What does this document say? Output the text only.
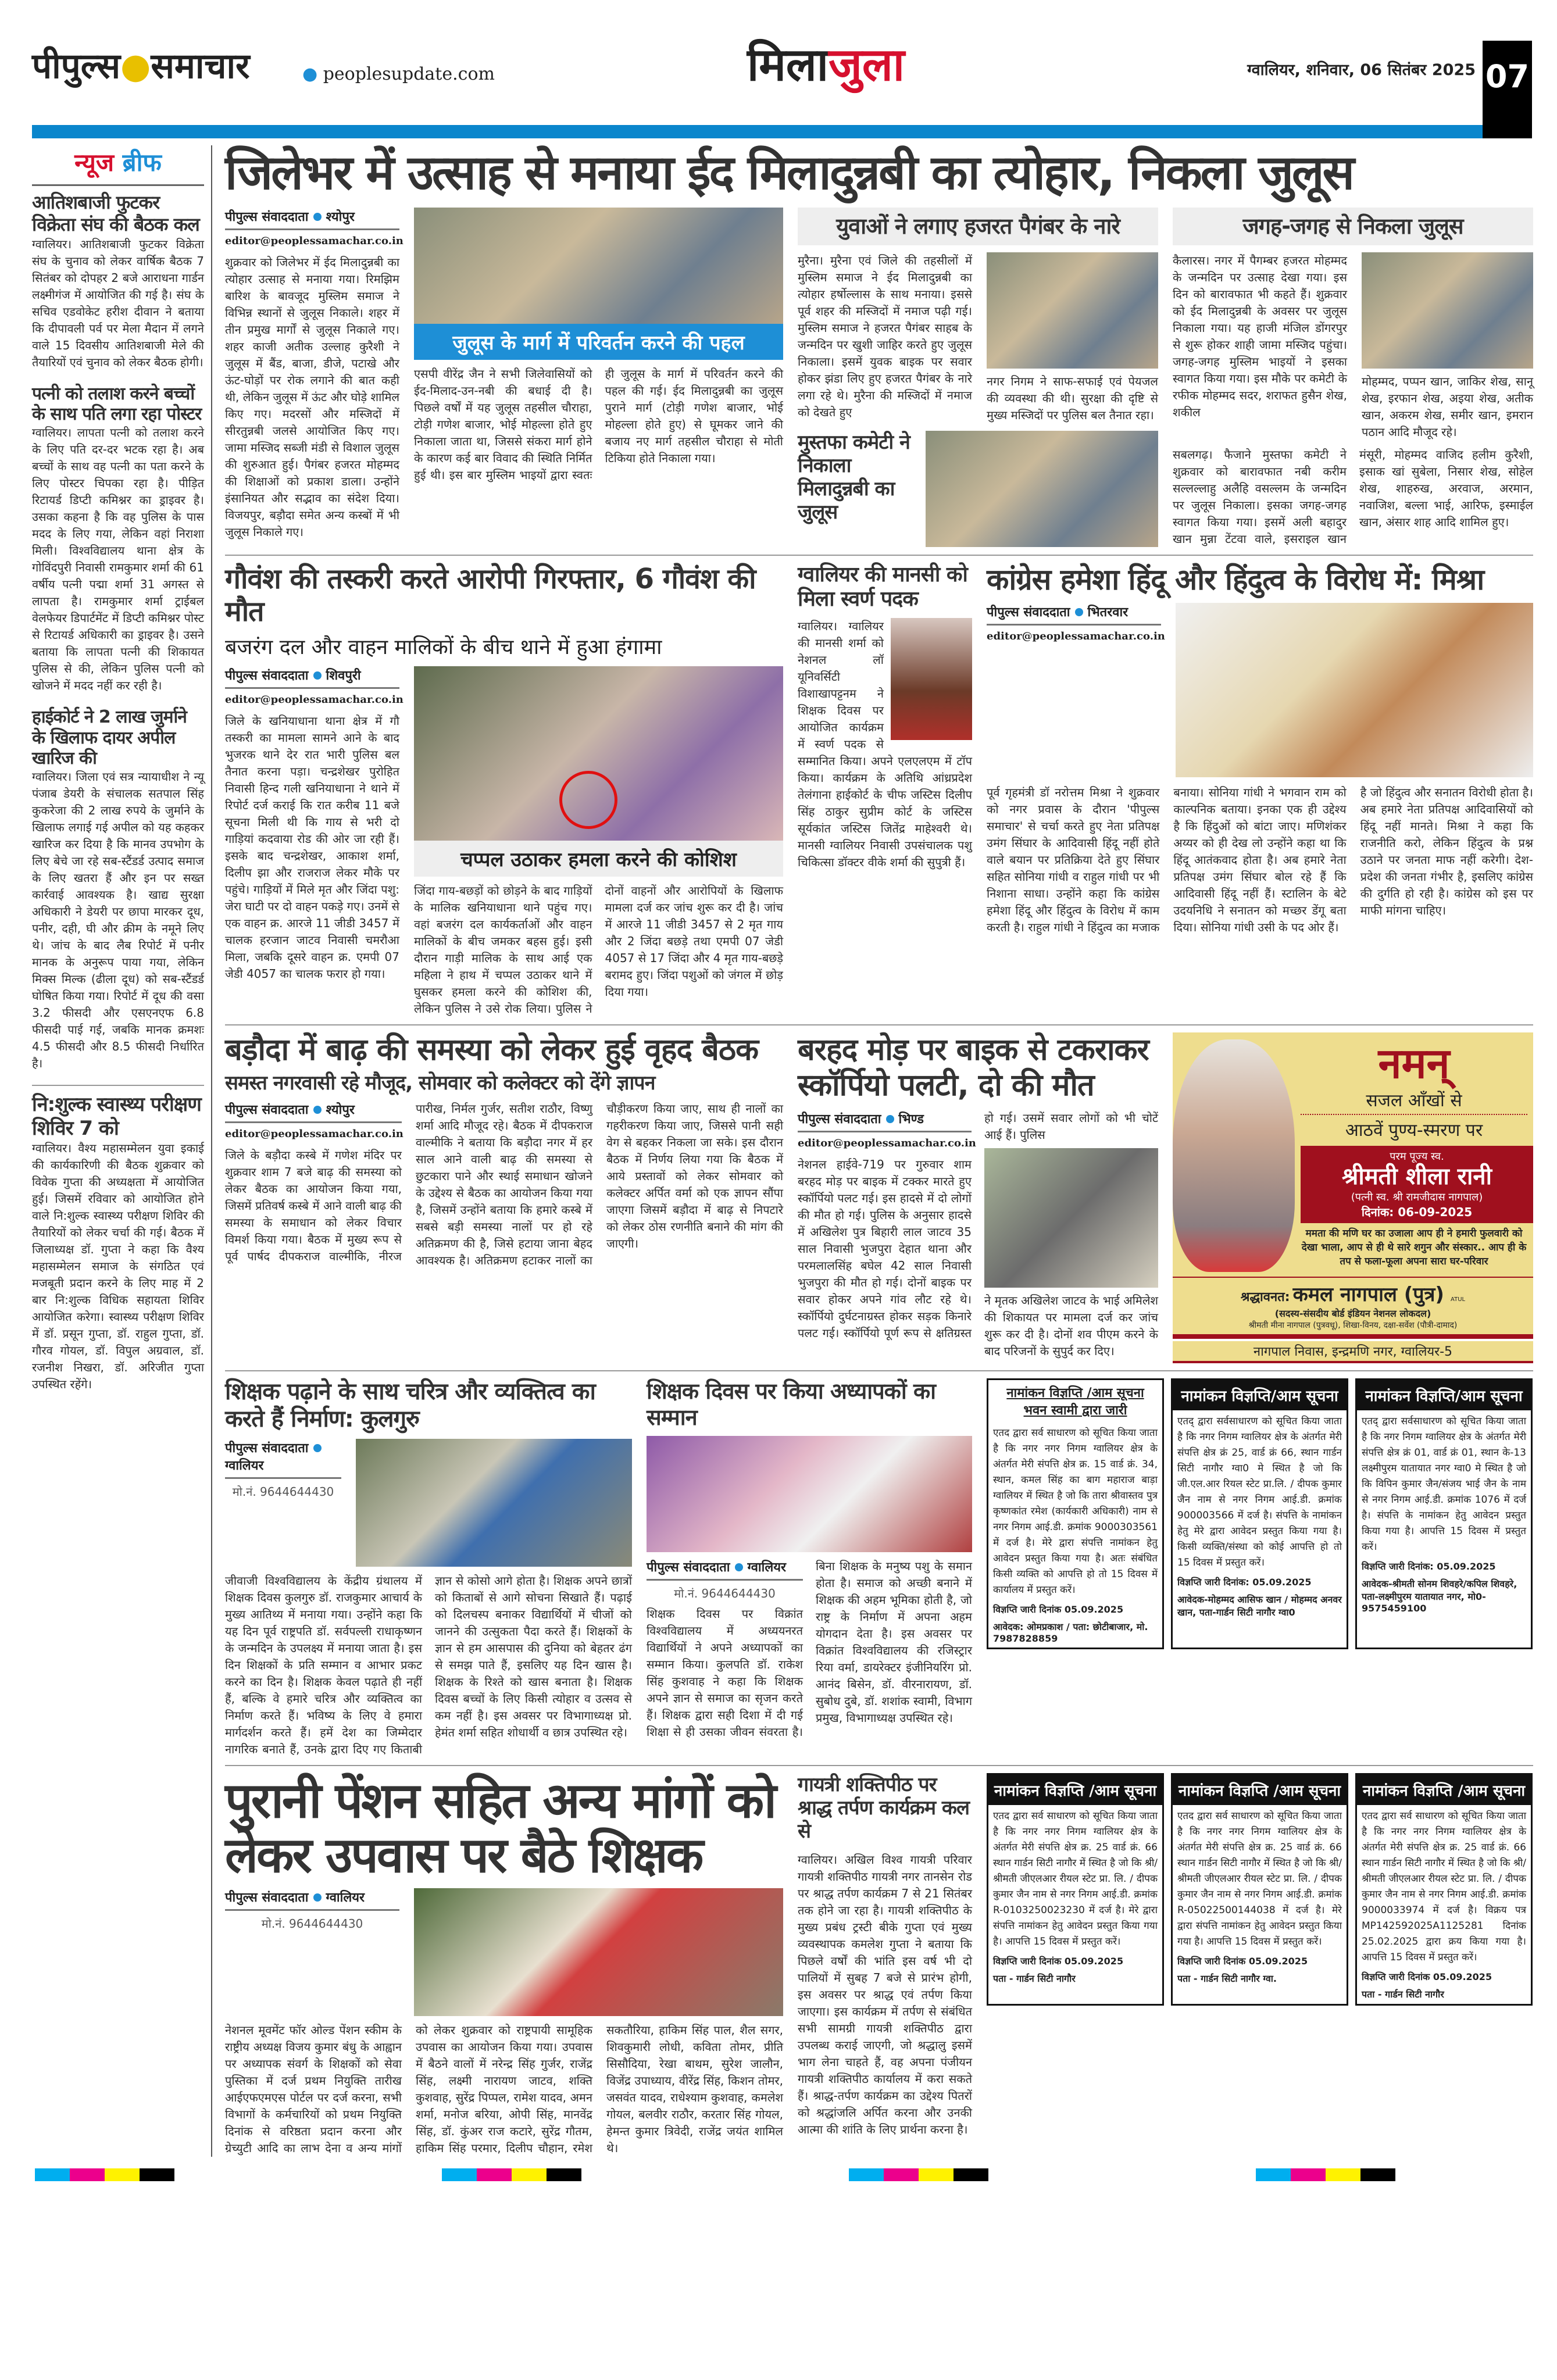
पीपुल्स●समाचार	● peoplesupdate.com	मिलाजुला	ग्वालियर, शनिवार, 06 सितंबर 2025 07
न्यूज ब्रीफ
आतिशबाजी फुटकर विक्रेता संघ की बैठक कल
ग्वालियर। आतिशबाजी फुटकर विक्रेता संघ के चुनाव को लेकर वार्षिक बैठक 7 सितंबर को दोपहर 2 बजे आराधना गार्डन लक्ष्मीगंज में आयोजित की गई है। संघ के सचिव एडवोकेट हरीश दीवान ने बताया कि दीपावली पर्व पर मेला मैदान में लगने वाले 15 दिवसीय आतिशबाजी मेले की तैयारियों एवं चुनाव को लेकर बैठक होगी।
पत्नी को तलाश करने बच्चों के साथ पति लगा रहा पोस्टर
ग्वालियर। लापता पत्नी को तलाश करने के लिए पति दर-दर भटक रहा है। अब बच्चों के साथ वह पत्नी का पता करने के लिए पोस्टर चिपका रहा है। पीड़ित रिटायर्ड डिप्टी कमिश्नर का ड्राइवर है। उसका कहना है कि वह पुलिस के पास मदद के लिए गया, लेकिन वहां निराशा मिली। विश्वविद्यालय थाना क्षेत्र के गोविंदपुरी निवासी रामकुमार शर्मा की 61 वर्षीय पत्नी पद्मा शर्मा 31 अगस्त से लापता है। रामकुमार शर्मा ट्राईबल वेलफेयर डिपार्टमेंट में डिप्टी कमिश्नर पोस्ट से रिटायर्ड अधिकारी का ड्राइवर है। उसने बताया कि लापता पत्नी की शिकायत पुलिस से की, लेकिन पुलिस पत्नी को खोजने में मदद नहीं कर रही है।
हाईकोर्ट ने 2 लाख जुर्माने के खिलाफ दायर अपील खारिज की
ग्वालियर। जिला एवं सत्र न्यायाधीश ने न्यू पंजाब डेयरी के संचालक सतपाल सिंह कुकरेजा की 2 लाख रुपये के जुर्माने के खिलाफ लगाई गई अपील को यह कहकर खारिज कर दिया है कि मानव उपभोग के लिए बेचे जा रहे सब-स्टैंडर्ड उत्पाद समाज के लिए खतरा हैं और इन पर सख्त कार्रवाई आवश्यक है। खाद्य सुरक्षा अधिकारी ने डेयरी पर छापा मारकर दूध, पनीर, दही, घी और क्रीम के नमूने लिए थे। जांच के बाद लैब रिपोर्ट में पनीर मानक के अनुरूप पाया गया, लेकिन मिक्स मिल्क (ढीला दूध) को सब-स्टैंडर्ड घोषित किया गया। रिपोर्ट में दूध की वसा 3.2 फीसदी और एसएनएफ 6.8 फीसदी पाई गई, जबकि मानक क्रमशः 4.5 फीसदी और 8.5 फीसदी निर्धारित है।
नि:शुल्क स्वास्थ्य परीक्षण शिविर 7 को
ग्वालियर। वैश्य महासम्मेलन युवा इकाई की कार्यकारिणी की बैठक शुक्रवार को विवेक गुप्ता की अध्यक्षता में आयोजित हुई। जिसमें रविवार को आयोजित होने वाले नि:शुल्क स्वास्थ्य परीक्षण शिविर की तैयारियों को लेकर चर्चा की गई। बैठक में जिलाध्यक्ष डॉ. गुप्ता ने कहा कि वैश्य महासम्मेलन समाज के संगठित एवं मजबूती प्रदान करने के लिए माह में 2 बार नि:शुल्क विधिक सहायता शिविर आयोजित करेगा। स्वास्थ्य परीक्षण शिविर में डॉ. प्रसून गुप्ता, डॉ. राहुल गुप्ता, डॉ. गौरव गोयल, डॉ. विपुल अग्रवाल, डॉ. रजनीश निखरा, डॉ. अरिजीत गुप्ता उपस्थित रहेंगे।
जिलेभर में उत्साह से मनाया ईद मिलादुन्नबी का त्योहार, निकला जुलूस
पीपुल्स संवाददाता श्योपुर
editor@peoplessamachar.co.in
शुक्रवार को जिलेभर में ईद मिलादुन्नबी का त्योहार उत्साह से मनाया गया। रिमझिम बारिश के बावजूद मुस्लिम समाज ने विभिन्न स्थानों से जुलूस निकाले। शहर में तीन प्रमुख मार्गों से जुलूस निकाले गए। शहर काजी अतीक उल्लाह कुरैशी ने जुलूस में बैंड, बाजा, डीजे, पटाखे और ऊंट-घोड़ों पर रोक लगाने की बात कही थी, लेकिन जुलूस में ऊंट और घोड़े शामिल किए गए। मदरसों और मस्जिदों में सीरतुन्नबी जलसे आयोजित किए गए। जामा मस्जिद सब्जी मंडी से विशाल जुलूस की शुरुआत हुई। पैगंबर हजरत मोहम्मद की शिक्षाओं को प्रकाश डाला। उन्होंने इंसानियत और सद्भाव का संदेश दिया। विजयपुर, बड़ौदा समेत अन्य कस्बों में भी जुलूस निकाले गए।
जुलूस के मार्ग में परिवर्तन करने की पहल
एसपी वीरेंद्र जैन ने सभी जिलेवासियों को ईद-मिलाद-उन-नबी की बधाई दी है। पिछले वर्षों में यह जुलूस तहसील चौराहा, टोड़ी गणेश बाजार, भोई मोहल्ला होते हुए निकाला जाता था, जिससे संकरा मार्ग होने के कारण कई बार विवाद की स्थिति निर्मित हुई थी। इस बार मुस्लिम भाइयों द्वारा स्वतः ही जुलूस के मार्ग में परिवर्तन करने की पहल की गई। ईद मिलादुन्नबी का जुलूस पुराने मार्ग (टोड़ी गणेश बाजार, भोई मोहल्ला होते हुए) से घूमकर जाने की बजाय नए मार्ग तहसील चौराहा से मोती टिकिया होते निकाला गया।
युवाओं ने लगाए हजरत पैगंबर के नारे
मुरैना। मुरैना एवं जिले की तहसीलों में मुस्लिम समाज ने ईद मिलादुन्नबी का त्योहार हर्षोल्लास के साथ मनाया। इससे पूर्व शहर की मस्जिदों में नमाज पढ़ी गई। मुस्लिम समाज ने हजरत पैगंबर साहब के जन्मदिन पर खुशी जाहिर करते हुए जुलूस निकाला। इसमें युवक बाइक पर सवार होकर झंडा लिए हुए हजरत पैगंबर के नारे लगा रहे थे। मुरैना की मस्जिदों में नमाज को देखते हुए
नगर निगम ने साफ-सफाई एवं पेयजल की व्यवस्था की थी। सुरक्षा की दृष्टि से मुख्य मस्जिदों पर पुलिस बल तैनात रहा।
मुस्तफा कमेटी ने निकाला मिलादुन्नबी का जुलूस
जगह-जगह से निकला जुलूस
कैलारस। नगर में पैगम्बर हजरत मोहम्मद के जन्मदिन पर उत्साह देखा गया। इस दिन को बारावफात भी कहते हैं। शुक्रवार को ईद मिलादुन्नबी के अवसर पर जुलूस निकाला गया। यह हाजी मंजिल डोंगरपुर से शुरू होकर शाही जामा मस्जिद पहुंचा। जगह-जगह मुस्लिम भाइयों ने इसका स्वागत किया गया। इस मौके पर कमेटी के रफीक मोहम्मद सदर, शराफत हुसैन शेख, शकील
मोहम्मद, पप्पन खान, जाकिर शेख, सानू शेख, इरफान शेख, अइया शेख, अतीक खान, अकरम शेख, समीर खान, इमरान पठान आदि मौजूद रहे।
सबलगढ़। फैजाने मुस्तफा कमेटी ने शुक्रवार को बारावफात नबी करीम सल्लल्लाहु अलैहि वसल्लम के जन्मदिन पर जुलूस निकाला। इसका जगह-जगह स्वागत किया गया। इसमें अली बहादुर खान मुन्ना टेंटवा वाले, इसराइल खान मंसूरी, मोहम्मद वाजिद हलीम कुरैशी, इसाक खां सुबेला, निसार शेख, सोहेल शेख, शाहरुख, अरवाज, अरमान, नवाजिश, बल्ला भाई, आरिफ, इस्माईल खान, अंसार शाह आदि शामिल हुए।
गौवंश की तस्करी करते आरोपी गिरफ्तार, 6 गौवंश की मौत
बजरंग दल और वाहन मालिकों के बीच थाने में हुआ हंगामा
पीपुल्स संवाददाता शिवपुरी
editor@peoplessamachar.co.in
जिले के खनियाधाना थाना क्षेत्र में गौ तस्करी का मामला सामने आने के बाद भुजरक थाने देर रात भारी पुलिस बल तैनात करना पड़ा। चन्द्रशेखर पुरोहित निवासी हिन्द गली खनियाधाना ने थाने में रिपोर्ट दर्ज कराई कि रात करीब 11 बजे सूचना मिली थी कि गाय से भरी दो गाड़ियां कदवाया रोड की ओर जा रही हैं। इसके बाद चन्द्रशेखर, आकाश शर्मा, दिलीप झा और राजराज लेकर मौके पर पहुंचे। गाड़ियों में मिले मृत और जिंदा पशु: जेरा घाटी पर दो वाहन पकड़े गए। उनमें से एक वाहन क्र. आरजे 11 जीडी 3457 में चालक हरजान जाटव निवासी चमरौआ मिला, जबकि दूसरे वाहन क्र. एमपी 07 जेडी 4057 का चालक फरार हो गया।
चप्पल उठाकर हमला करने की कोशिश
जिंदा गाय-बछड़ों को छोड़ने के बाद गाड़ियों के मालिक खनियाधाना थाने पहुंच गए। वहां बजरंग दल कार्यकर्ताओं और वाहन मालिकों के बीच जमकर बहस हुई। इसी दौरान गाड़ी मालिक के साथ आई एक महिला ने हाथ में चप्पल उठाकर थाने में घुसकर हमला करने की कोशिश की, लेकिन पुलिस ने उसे रोक लिया। पुलिस ने दोनों वाहनों और आरोपियों के खिलाफ मामला दर्ज कर जांच शुरू कर दी है। जांच में आरजे 11 जीडी 3457 से 2 मृत गाय और 2 जिंदा बछड़े तथा एमपी 07 जेडी 4057 से 17 जिंदा और 4 मृत गाय-बछड़े बरामद हुए। जिंदा पशुओं को जंगल में छोड़ दिया गया।
ग्वालियर की मानसी को मिला स्वर्ण पदक
ग्वालियर। ग्वालियर की मानसी शर्मा को नेशनल लॉ यूनिवर्सिटी विशाखापट्टनम ने शिक्षक दिवस पर आयोजित कार्यक्रम में स्वर्ण पदक से सम्मानित किया। अपने एलएलएम में टॉप किया। कार्यक्रम के अतिथि आंध्रप्रदेश तेलंगाना हाईकोर्ट के चीफ जस्टिस दिलीप सिंह ठाकुर सुप्रीम कोर्ट के जस्टिस सूर्यकांत जस्टिस जितेंद्र माहेश्वरी थे। मानसी ग्वालियर निवासी उपसंचालक पशु चिकित्सा डॉक्टर वीके शर्मा की सुपुत्री हैं।
कांग्रेस हमेशा हिंदू और हिंदुत्व के विरोध में: मिश्रा
पीपुल्स संवाददाता भितरवार
editor@peoplessamachar.co.in
पूर्व गृहमंत्री डॉ नरोत्तम मिश्रा ने शुक्रवार को नगर प्रवास के दौरान 'पीपुल्स समाचार' से चर्चा करते हुए नेता प्रतिपक्ष उमंग सिंघार के आदिवासी हिंदू नहीं होते वाले बयान पर प्रतिक्रिया देते हुए सिंघार सहित सोनिया गांधी व राहुल गांधी पर भी निशाना साधा। उन्होंने कहा कि कांग्रेस हमेशा हिंदू और हिंदुत्व के विरोध में काम करती है। राहुल गांधी ने हिंदुत्व का मजाक बनाया। सोनिया गांधी ने भगवान राम को काल्पनिक बताया। इनका एक ही उद्देश्य है कि हिंदुओं को बांटा जाए। मणिशंकर अय्यर को ही देख लो उन्होंने कहा था कि हिंदू आतंकवाद होता है। अब हमारे नेता प्रतिपक्ष उमंग सिंघार बोल रहे हैं कि आदिवासी हिंदू नहीं हैं। स्टालिन के बेटे उदयनिधि ने सनातन को मच्छर डेंगू बता दिया। सोनिया गांधी उसी के पद ओर हैं।
है जो हिंदुत्व और सनातन विरोधी होता है। अब हमारे नेता प्रतिपक्ष आदिवासियों को हिंदू नहीं मानते। मिश्रा ने कहा कि राजनीति करो, लेकिन हिंदुत्व के प्रश्न उठाने पर जनता माफ नहीं करेगी। देश-प्रदेश की जनता गंभीर है, इसलिए कांग्रेस की दुर्गति हो रही है। कांग्रेस को इस पर माफी मांगना चाहिए।
बड़ौदा में बाढ़ की समस्या को लेकर हुई वृहद बैठक
समस्त नगरवासी रहे मौजूद, सोमवार को कलेक्टर को देंगे ज्ञापन
पीपुल्स संवाददाता श्योपुर
editor@peoplessamachar.co.in
जिले के बड़ौदा कस्बे में गणेश मंदिर पर शुक्रवार शाम 7 बजे बाढ़ की समस्या को लेकर बैठक का आयोजन किया गया, जिसमें प्रतिवर्ष कस्बे में आने वाली बाढ़ की समस्या के समाधान को लेकर विचार विमर्श किया गया। बैठक में मुख्य रूप से पूर्व पार्षद दीपकराज वाल्मीकि, नीरज पारीख, निर्मल गुर्जर, सतीश राठौर, विष्णु शर्मा आदि मौजूद रहे। बैठक में दीपकराज वाल्मीकि ने बताया कि बड़ौदा नगर में हर साल आने वाली बाढ़ की समस्या से छुटकारा पाने और स्थाई समाधान खोजने के उद्देश्य से बैठक का आयोजन किया गया है, जिसमें उन्होंने बताया कि हमारे कस्बे में सबसे बड़ी समस्या नालों पर हो रहे अतिक्रमण की है, जिसे हटाया जाना बेहद आवश्यक है। अतिक्रमण हटाकर नालों का चौड़ीकरण किया जाए, साथ ही नालों का गहरीकरण किया जाए, जिससे पानी सही वेग से बहकर निकला जा सके। इस दौरान बैठक में निर्णय लिया गया कि बैठक में आये प्रस्तावों को लेकर सोमवार को कलेक्टर अर्पित वर्मा को एक ज्ञापन सौंपा जाएगा जिसमें बड़ौदा में बाढ़ से निपटारे को लेकर ठोस रणनीति बनाने की मांग की जाएगी।
बरहद मोड़ पर बाइक से टकराकर स्कॉर्पियो पलटी, दो की मौत
पीपुल्स संवाददाता भिण्ड
editor@peoplessamachar.co.in
नेशनल हाईवे-719 पर गुरुवार शाम बरहद मोड़ पर बाइक में टक्कर मारते हुए स्कॉर्पियो पलट गई। इस हादसे में दो लोगों की मौत हो गई। पुलिस के अनुसार हादसे में अखिलेश पुत्र बिहारी लाल जाटव 35 साल निवासी भुजपुरा देहात थाना और परमलालसिंह बघेल 42 साल निवासी भुजपुरा की मौत हो गई। दोनों बाइक पर सवार होकर अपने गांव लौट रहे थे। स्कॉर्पियो दुर्घटनाग्रस्त होकर सड़क किनारे पलट गई। स्कॉर्पियो पूर्ण रूप से क्षतिग्रस्त हो गई। उसमें सवार लोगों को भी चोटें आई हैं। पुलिस
ने मृतक अखिलेश जाटव के भाई अमिलेश की शिकायत पर मामला दर्ज कर जांच शुरू कर दी है। दोनों शव पीएम करने के बाद परिजनों के सुपुर्द कर दिए।
नमन्
सजल आँखों से
आठवें पुण्य-स्मरण पर
परम पूज्य स्व.
श्रीमती शीला रानी
(पत्नी स्व. श्री रामजीदास नागपाल)
दिनांक: 06-09-2025
ममता की मणि घर का उजाला आप ही ने हमारी फुलवारी को देखा भाला, आप से ही थे सारे शगुन और संस्कार.. आप ही के तप से फला-फूला अपना सारा घर-परिवार
श्रद्धावनत: कमल नागपाल (पुत्र) ATUL
(सदस्य-संसदीय बोर्ड इंडियन नेशनल लोकदल)
श्रीमती मीना नागपाल (पुत्रवधू), शिखा-विनय, दक्षा-सर्वेश (पौत्री-दामाद)
नागपाल निवास, इन्द्रमणि नगर, ग्वालियर-5
शिक्षक पढ़ाने के साथ चरित्र और व्यक्तित्व का करते हैं निर्माण: कुलगुरु
पीपुल्स संवाददाताग्वालियर
मो.नं. 9644644430
जीवाजी विश्वविद्यालय के केंद्रीय ग्रंथालय में शिक्षक दिवस कुलगुरु डॉ. राजकुमार आचार्य के मुख्य आतिथ्य में मनाया गया। उन्होंने कहा कि यह दिन पूर्व राष्ट्रपति डॉ. सर्वपल्ली राधाकृष्णन के जन्मदिन के उपलक्ष्य में मनाया जाता है। इस दिन शिक्षकों के प्रति सम्मान व आभार प्रकट करने का दिन है। शिक्षक केवल पढ़ाते ही नहीं हैं, बल्कि वे हमारे चरित्र और व्यक्तित्व का निर्माण करते हैं। भविष्य के लिए वे हमारा मार्गदर्शन करते हैं। हमें देश का जिम्मेदार नागरिक बनाते हैं, उनके द्वारा दिए गए किताबी ज्ञान से कोसो आगे होता है। शिक्षक अपने छात्रों को किताबों से आगे सोचना सिखाते हैं। पढ़ाई को दिलचस्प बनाकर विद्यार्थियों में चीजों को जानने की उत्सुकता पैदा करते हैं। शिक्षकों के ज्ञान से हम आसपास की दुनिया को बेहतर ढंग से समझ पाते हैं, इसलिए यह दिन खास है। शिक्षक के रिश्ते को खास बनाता है। शिक्षक दिवस बच्चों के लिए किसी त्योहार व उत्सव से कम नहीं है। इस अवसर पर विभागाध्यक्ष प्रो. हेमंत शर्मा सहित शोधार्थी व छात्र उपस्थित रहे।
शिक्षक दिवस पर किया अध्यापकों का सम्मान
पीपुल्स संवाददाता ग्वालियर
मो.नं. 9644644430
शिक्षक दिवस पर विक्रांत विश्वविद्यालय में अध्ययनरत विद्यार्थियों ने अपने अध्यापकों का सम्मान किया। कुलपति डॉ. राकेश सिंह कुशवाह ने कहा कि शिक्षक अपने ज्ञान से समाज का सृजन करते हैं। शिक्षक द्वारा सही दिशा में दी गई शिक्षा से ही उसका जीवन संवरता है। बिना शिक्षक के मनुष्य पशु के समान होता है। समाज को अच्छी बनाने में शिक्षक की अहम भूमिका होती है, जो राष्ट्र के निर्माण में अपना अहम योगदान देता है। इस अवसर पर विक्रांत विश्वविद्यालय की रजिस्ट्रार रिया वर्मा, डायरेक्टर इंजीनियरिंग प्रो. आनंद बिसेन, डॉ. वीरनारायण, डॉ. सुबोध दुबे, डॉ. शशांक स्वामी, विभाग प्रमुख, विभागाध्यक्ष उपस्थित रहे।
नामांकन विज्ञप्ति /आम सूचना
भवन स्वामी द्वारा जारी
एतद द्वारा सर्व साधारण को सूचित किया जाता है कि नगर नगर निगम ग्वालियर क्षेत्र के अंतर्गत मेरी संपत्ति क्षेत्र क्र. 15 वार्ड क्रं. 34, स्थान, कमल सिंह का बाग महाराज बाड़ा ग्वालियर में स्थित है जो कि तारा श्रीवास्तव पुत्र कृष्णकांत रमेश (कार्यकारी अधिकारी) नाम से नगर निगम आई.डी. क्रमांक 9000303561 में दर्ज है। मेरे द्वारा संपत्ति नामांकन हेतु आवेदन प्रस्तुत किया गया है। अतः संबंधित किसी व्यक्ति को आपत्ति हो तो 15 दिवस में कार्यालय में प्रस्तुत करें।
विज्ञप्ति जारी दिनांक 05.09.2025
आवेदक: ओमप्रकाश / पता: छोटीबाजार, मो. 7987828859
नामांकन विज्ञप्ति/आम सूचना
एतद् द्वारा सर्वसाधारण को सूचित किया जाता है कि नगर निगम ग्वालियर क्षेत्र के अंतर्गत मेरी संपत्ति क्षेत्र क्रं 25, वार्ड क्रं 66, स्थान गार्डन सिटी नागौर ग्वा0 मे स्थित है जो कि जी.एल.आर रियल स्टेट प्रा.लि. / दीपक कुमार जैन नाम से नगर निगम आई.डी. क्रमांक 900003566 में दर्ज है। संपत्ति के नामांकन हेतु मेरे द्वारा आवेदन प्रस्तुत किया गया है। किसी व्यक्ति/संस्था को कोई आपत्ति हो तो 15 दिवस में प्रस्तुत करें।
विज्ञप्ति जारी दिनांक: 05.09.2025
आवेदक-मोहम्मद आसिफ खान / मोहम्मद अनवर खान, पता-गार्डन सिटी नागौर ग्वा0
नामांकन विज्ञप्ति/आम सूचना
एतद् द्वारा सर्वसाधारण को सूचित किया जाता है कि नगर निगम ग्वालियर क्षेत्र के अंतर्गत मेरी संपत्ति क्षेत्र क्रं 01, वार्ड क्रं 01, स्थान के-13 लक्ष्मीपुरम यातायात नगर ग्वा0 मे स्थित है जो कि विपिन कुमार जैन/संजय भाई जैन के नाम से नगर निगम आई.डी. क्रमांक 1076 में दर्ज है। संपत्ति के नामांकन हेतु आवेदन प्रस्तुत किया गया है। आपत्ति 15 दिवस में प्रस्तुत करें।
विज्ञप्ति जारी दिनांक: 05.09.2025
आवेदक-श्रीमती सोनम शिवहरे/कपिल शिवहरे, पता-लक्ष्मीपुरम यातायात नगर, मो0-9575459100
पुरानी पेंशन सहित अन्य मांगों को लेकर उपवास पर बैठे शिक्षक
पीपुल्स संवाददाता ग्वालियर
मो.नं. 9644644430
नेशनल मूवमेंट फॉर ओल्ड पेंशन स्कीम के राष्ट्रीय अध्यक्ष विजय कुमार बंधु के आह्वान पर अध्यापक संवर्ग के शिक्षकों को सेवा पुस्तिका में दर्ज प्रथम नियुक्ति तारीख आईएफएमएस पोर्टल पर दर्ज करना, सभी विभागों के कर्मचारियों को प्रथम नियुक्ति दिनांक से वरिष्ठता प्रदान करना और ग्रेच्युटी आदि का लाभ देना व अन्य मांगों को लेकर शुक्रवार को राष्ट्रपायी सामूहिक उपवास का आयोजन किया गया। उपवास में बैठने वालों में नरेन्द्र सिंह गुर्जर, राजेंद्र सिंह, लक्ष्मी नारायण जाटव, शक्ति कुशवाह, सुरेंद्र पिप्पल, रामेश यादव, अमन शर्मा, मनोज बरिया, ओपी सिंह, मानवेंद्र सिंह, डॉ. कुंअर राज कटारे, सुरेंद्र गौतम, हाकिम सिंह परमार, दिलीप चौहान, रमेश सकतौरिया, हाकिम सिंह पाल, शैल सगर, शिवकुमारी लोधी, कविता तोमर, प्रीति सिसौदिया, रेखा बाथम, सुरेश जालौन, विजेंद्र उपाध्याय, वीरेंद्र सिंह, किशन तोमर, जसवंत यादव, राधेश्याम कुशवाह, कमलेश गोयल, बलवीर राठौर, करतार सिंह गोयल, हेमन्त कुमार त्रिवेदी, राजेंद्र जयंत शामिल थे।
गायत्री शक्तिपीठ पर श्राद्ध तर्पण कार्यक्रम कल से
ग्वालियर। अखिल विश्व गायत्री परिवार गायत्री शक्तिपीठ गायत्री नगर तानसेन रोड पर श्राद्ध तर्पण कार्यक्रम 7 से 21 सितंबर तक होने जा रहा है। गायत्री शक्तिपीठ के मुख्य प्रबंध ट्रस्टी बीके गुप्ता एवं मुख्य व्यवस्थापक कमलेश गुप्ता ने बताया कि पिछले वर्षों की भांति इस वर्ष भी दो पालियों में सुबह 7 बजे से प्रारंभ होगी, इस अवसर पर श्राद्ध एवं तर्पण किया जाएगा। इस कार्यक्रम में तर्पण से संबंधित सभी सामग्री गायत्री शक्तिपीठ द्वारा उपलब्ध कराई जाएगी, जो श्रद्धालु इसमें भाग लेना चाहते हैं, वह अपना पंजीयन गायत्री शक्तिपीठ कार्यालय में करा सकते हैं। श्राद्ध-तर्पण कार्यक्रम का उद्देश्य पितरों को श्रद्धांजलि अर्पित करना और उनकी आत्मा की शांति के लिए प्रार्थना करना है।
नामांकन विज्ञप्ति /आम सूचना
एतद द्वारा सर्व साधारण को सूचित किया जाता है कि नगर नगर निगम ग्वालियर क्षेत्र के अंतर्गत मेरी संपत्ति क्षेत्र क्र. 25 वार्ड क्रं. 66 स्थान गार्डन सिटी नागौर में स्थित है जो कि श्री/श्रीमती जीएलआर रीयल स्टेट प्रा. लि. / दीपक कुमार जैन नाम से नगर निगम आई.डी. क्रमांक R-0103250023230 में दर्ज है। मेरे द्वारा संपत्ति नामांकन हेतु आवेदन प्रस्तुत किया गया है। आपत्ति 15 दिवस में प्रस्तुत करें।
विज्ञप्ति जारी दिनांक 05.09.2025
पता - गार्डन सिटी नागौर
नामांकन विज्ञप्ति /आम सूचना
एतद द्वारा सर्व साधारण को सूचित किया जाता है कि नगर नगर निगम ग्वालियर क्षेत्र के अंतर्गत मेरी संपत्ति क्षेत्र क्र. 25 वार्ड क्रं. 66 स्थान गार्डन सिटी नागौर में स्थित है जो कि श्री/श्रीमती जीएलआर रीयल स्टेट प्रा. लि. / दीपक कुमार जैन नाम से नगर निगम आई.डी. क्रमांक R-05022500144038 में दर्ज है। मेरे द्वारा संपत्ति नामांकन हेतु आवेदन प्रस्तुत किया गया है। आपत्ति 15 दिवस में प्रस्तुत करें।
विज्ञप्ति जारी दिनांक 05.09.2025
पता - गार्डन सिटी नागौर ग्वा.
नामांकन विज्ञप्ति /आम सूचना
एतद द्वारा सर्व साधारण को सूचित किया जाता है कि नगर नगर निगम ग्वालियर क्षेत्र के अंतर्गत मेरी संपत्ति क्षेत्र क्र. 25 वार्ड क्रं. 66 स्थान गार्डन सिटी नागौर में स्थित है जो कि श्री/श्रीमती जीएलआर रीयल स्टेट प्रा. लि. / दीपक कुमार जैन नाम से नगर निगम आई.डी. क्रमांक 9000033974 में दर्ज है। विक्रय पत्र MP142592025A1125281 दिनांक 25.02.2025 द्वारा क्रय किया गया है। आपत्ति 15 दिवस में प्रस्तुत करें।
विज्ञप्ति जारी दिनांक 05.09.2025
पता - गार्डन सिटी नागौर
